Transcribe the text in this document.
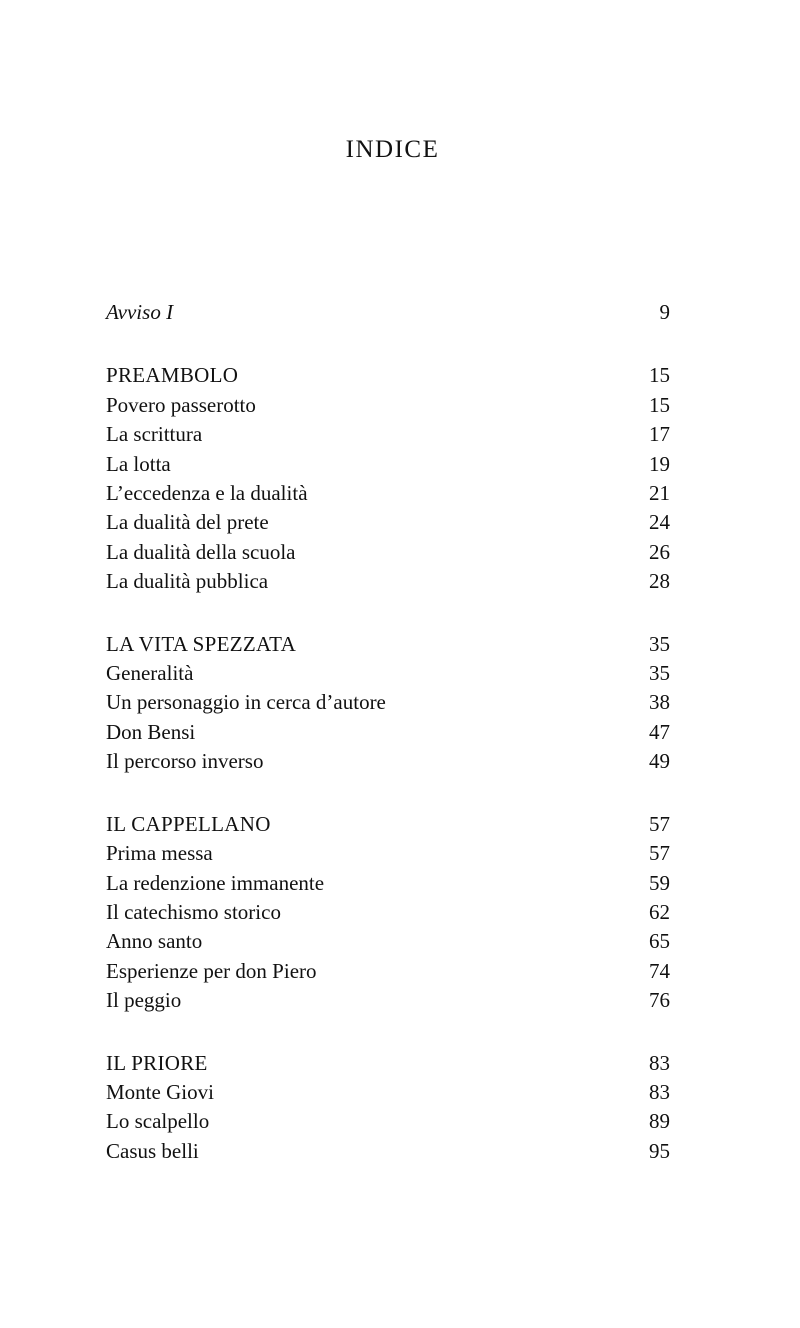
INDICE
Avviso I	9
PREAMBOLO	15
Povero passerotto	15
La scrittura	17
La lotta	19
L’eccedenza e la dualità	21
La dualità del prete	24
La dualità della scuola	26
La dualità pubblica	28
LA VITA SPEZZATA	35
Generalità	35
Un personaggio in cerca d’autore	38
Don Bensi	47
Il percorso inverso	49
IL CAPPELLANO	57
Prima messa	57
La redenzione immanente	59
Il catechismo storico	62
Anno santo	65
Esperienze per don Piero	74
Il peggio	76
IL PRIORE	83
Monte Giovi	83
Lo scalpello	89
Casus belli	95
